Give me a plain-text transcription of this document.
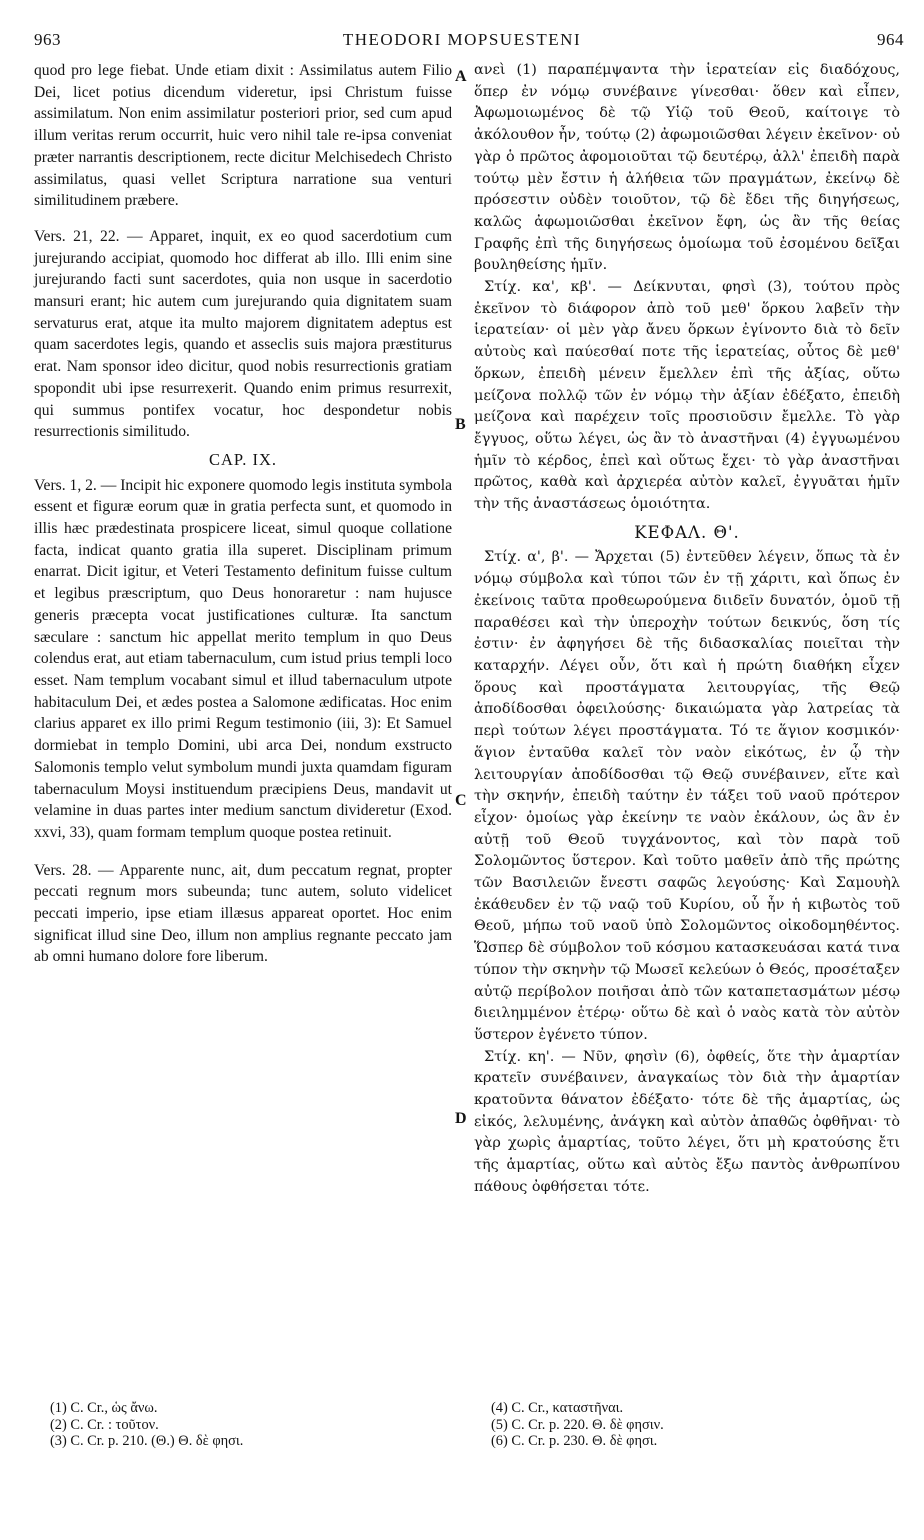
963	THEODORI MOPSUESTENI	964

quod pro lege fiebat. Unde etiam dixit : Assimilatus autem Filio Dei, licet potius dicendum videretur, ipsi Christum fuisse assimilatum. Non enim assimilatur posteriori prior, sed cum apud illum veritas rerum occurrit, huic vero nihil tale re-ipsa conveniat præter narrantis descriptionem, recte dicitur Melchisedech Christo assimilatus, quasi vellet Scriptura narratione sua venturi similitudinem præbere.

Vers. 21, 22. — Apparet, inquit, ex eo quod sacerdotium cum jurejurando accipiat, quomodo hoc differat ab illo. Illi enim sine jurejurando facti sunt sacerdotes, quia non usque in sacerdotio mansuri erant; hic autem cum jurejurando quia dignitatem suam servaturus erat, atque ita multo majorem dignitatem adeptus est quam sacerdotes legis, quando et asseclis suis majora præstiturus erat. Nam sponsor ideo dicitur, quod nobis resurrectionis gratiam spopondit ubi ipse resurrexerit. Quando enim primus resurrexit, qui summus pontifex vocatur, hoc despondetur nobis resurrectionis similitudo.

CAP. IX.

Vers. 1, 2. — Incipit hic exponere quomodo legis instituta symbola essent et figuræ eorum quæ in gratia perfecta sunt, et quomodo in illis hæc prædestinata prospicere liceat, simul quoque collatione facta, indicat quanto gratia illa superet. Disciplinam primum enarrat. Dicit igitur, et Veteri Testamento definitum fuisse cultum et legibus præscriptum, quo Deus honoraretur : nam hujusce generis præcepta vocat justificationes culturæ. Ita sanctum sæculare : sanctum hic appellat merito templum in quo Deus colendus erat, aut etiam tabernaculum, cum istud prius templi loco esset. Nam templum vocabant simul et illud tabernaculum utpote habitaculum Dei, et ædes postea a Salomone ædificatas. Hoc enim clarius apparet ex illo primi Regum testimonio (iii, 3): Et Samuel dormiebat in templo Domini, ubi arca Dei, nondum exstructo Salomonis templo velut symbolum mundi juxta quamdam figuram tabernaculum Moysi instituendum præcipiens Deus, mandavit ut velamine in duas partes inter medium sanctum divideretur (Exod. xxvi, 33), quam formam templum quoque postea retinuit.

Vers. 28. — Apparente nunc, ait, dum peccatum regnat, propter peccati regnum mors subeunda; tunc autem, soluto videlicet peccati imperio, ipse etiam illæsus appareat oportet. Hoc enim significat illud sine Deo, illum non amplius regnante peccato jam ab omni humano dolore fore liberum.

A
B
C
D

ανεὶ (1) παραπέμψαντα τὴν ἱερατείαν εἰς διαδόχους, ὅπερ ἐν νόμῳ συνέβαινε γίνεσθαι· ὅθεν καὶ εἶπεν, Ἀφωμοιωμένος δὲ τῷ Υἱῷ τοῦ Θεοῦ, καίτοιγε τὸ ἀκόλουθον ἦν, τούτῳ (2) ἀφωμοιῶσθαι λέγειν ἐκεῖνον· οὐ γὰρ ὁ πρῶτος ἀφομοιοῦται τῷ δευτέρῳ, ἀλλ' ἐπειδὴ παρὰ τούτῳ μὲν ἔστιν ἡ ἀλήθεια τῶν πραγμάτων, ἐκείνῳ δὲ πρόσεστιν οὐδὲν τοιοῦτον, τῷ δὲ ἔδει τῆς διηγήσεως, καλῶς ἀφωμοιῶσθαι ἐκεῖνον ἔφη, ὡς ἂν τῆς θείας Γραφῆς ἐπὶ τῆς διηγήσεως ὁμοίωμα τοῦ ἐσομένου δεῖξαι βουληθείσης ἡμῖν.

Στίχ. κα', κβ'. — Δείκνυται, φησὶ (3), τούτου πρὸς ἐκεῖνον τὸ διάφορον ἀπὸ τοῦ μεθ' ὅρκου λαβεῖν τὴν ἱερατείαν· οἱ μὲν γὰρ ἄνευ ὅρκων ἐγίνοντο διὰ τὸ δεῖν αὐτοὺς καὶ παύεσθαί ποτε τῆς ἱερατείας, οὗτος δὲ μεθ' ὅρκων, ἐπειδὴ μένειν ἔμελλεν ἐπὶ τῆς ἀξίας, οὕτω μείζονα πολλῷ τῶν ἐν νόμῳ τὴν ἀξίαν ἐδέξατο, ἐπειδὴ μείζονα καὶ παρέχειν τοῖς προσιοῦσιν ἔμελλε. Τὸ γὰρ ἔγγυος, οὕτω λέγει, ὡς ἂν τὸ ἀναστῆναι (4) ἐγγυωμένου ἡμῖν τὸ κέρδος, ἐπεὶ καὶ οὕτως ἔχει· τὸ γὰρ ἀναστῆναι πρῶτος, καθὰ καὶ ἀρχιερέα αὐτὸν καλεῖ, ἐγγυᾶται ἡμῖν τὴν τῆς ἀναστάσεως ὁμοιότητα.

ΚΕΦΑΛ. Θ'.

Στίχ. α', β'. — Ἄρχεται (5) ἐντεῦθεν λέγειν, ὅπως τὰ ἐν νόμῳ σύμβολα καὶ τύποι τῶν ἐν τῇ χάριτι, καὶ ὅπως ἐν ἐκείνοις ταῦτα προθεωρούμενα διιδεῖν δυνατόν, ὁμοῦ τῇ παραθέσει καὶ τὴν ὑπεροχὴν τούτων δεικνύς, ὅση τίς ἐστιν· ἐν ἀφηγήσει δὲ τῆς διδασκαλίας ποιεῖται τὴν καταρχήν. Λέγει οὖν, ὅτι καὶ ἡ πρώτη διαθήκη εἶχεν ὅρους καὶ προστάγματα λειτουργίας, τῆς Θεῷ ἀποδίδοσθαι ὀφειλούσης· δικαιώματα γὰρ λατρείας τὰ περὶ τούτων λέγει προστάγματα. Τό τε ἅγιον κοσμικόν· ἅγιον ἐνταῦθα καλεῖ τὸν ναὸν εἰκότως, ἐν ᾧ τὴν λειτουργίαν ἀποδίδοσθαι τῷ Θεῷ συνέβαινεν, εἴτε καὶ τὴν σκηνήν, ἐπειδὴ ταύτην ἐν τάξει τοῦ ναοῦ πρότερον εἶχον· ὁμοίως γὰρ ἐκείνην τε ναὸν ἐκάλουν, ὡς ἂν ἐν αὐτῇ τοῦ Θεοῦ τυγχάνοντος, καὶ τὸν παρὰ τοῦ Σολομῶντος ὕστερον. Καὶ τοῦτο μαθεῖν ἀπὸ τῆς πρώτης τῶν Βασιλειῶν ἔνεστι σαφῶς λεγούσης· Καὶ Σαμουὴλ ἐκάθευδεν ἐν τῷ ναῷ τοῦ Κυρίου, οὗ ἦν ἡ κιβωτὸς τοῦ Θεοῦ, μήπω τοῦ ναοῦ ὑπὸ Σολομῶντος οἰκοδομηθέντος. Ὥσπερ δὲ σύμβολον τοῦ κόσμου κατασκευάσαι κατά τινα τύπον τὴν σκηνὴν τῷ Μωσεῖ κελεύων ὁ Θεός, προσέταξεν αὐτῷ περίβολον ποιῆσαι ἀπὸ τῶν καταπετασμάτων μέσῳ διειλημμένον ἑτέρῳ· οὕτω δὲ καὶ ὁ ναὸς κατὰ τὸν αὐτὸν ὕστερον ἐγένετο τύπον.

Στίχ. κη'. — Νῦν, φησὶν (6), ὀφθείς, ὅτε τὴν ἁμαρτίαν κρατεῖν συνέβαινεν, ἀναγκαίως τὸν διὰ τὴν ἁμαρτίαν κρατοῦντα θάνατον ἐδέξατο· τότε δὲ τῆς ἁμαρτίας, ὡς εἰκός, λελυμένης, ἀνάγκη καὶ αὐτὸν ἀπαθῶς ὀφθῆναι· τὸ γὰρ χωρὶς ἁμαρτίας, τοῦτο λέγει, ὅτι μὴ κρατούσης ἔτι τῆς ἁμαρτίας, οὕτω καὶ αὐτὸς ἔξω παντὸς ἀνθρωπίνου πάθους ὀφθήσεται τότε.

(1) C. Cr., ὡς ἄνω.
(2) C. Cr. : τοῦτον.
(3) C. Cr. p. 210. (Θ.) Θ. δὲ φησι.
(4) C. Cr., καταστῆναι.
(5) C. Cr. p. 220. Θ. δὲ φησιν.
(6) C. Cr. p. 230. Θ. δὲ φησι.
